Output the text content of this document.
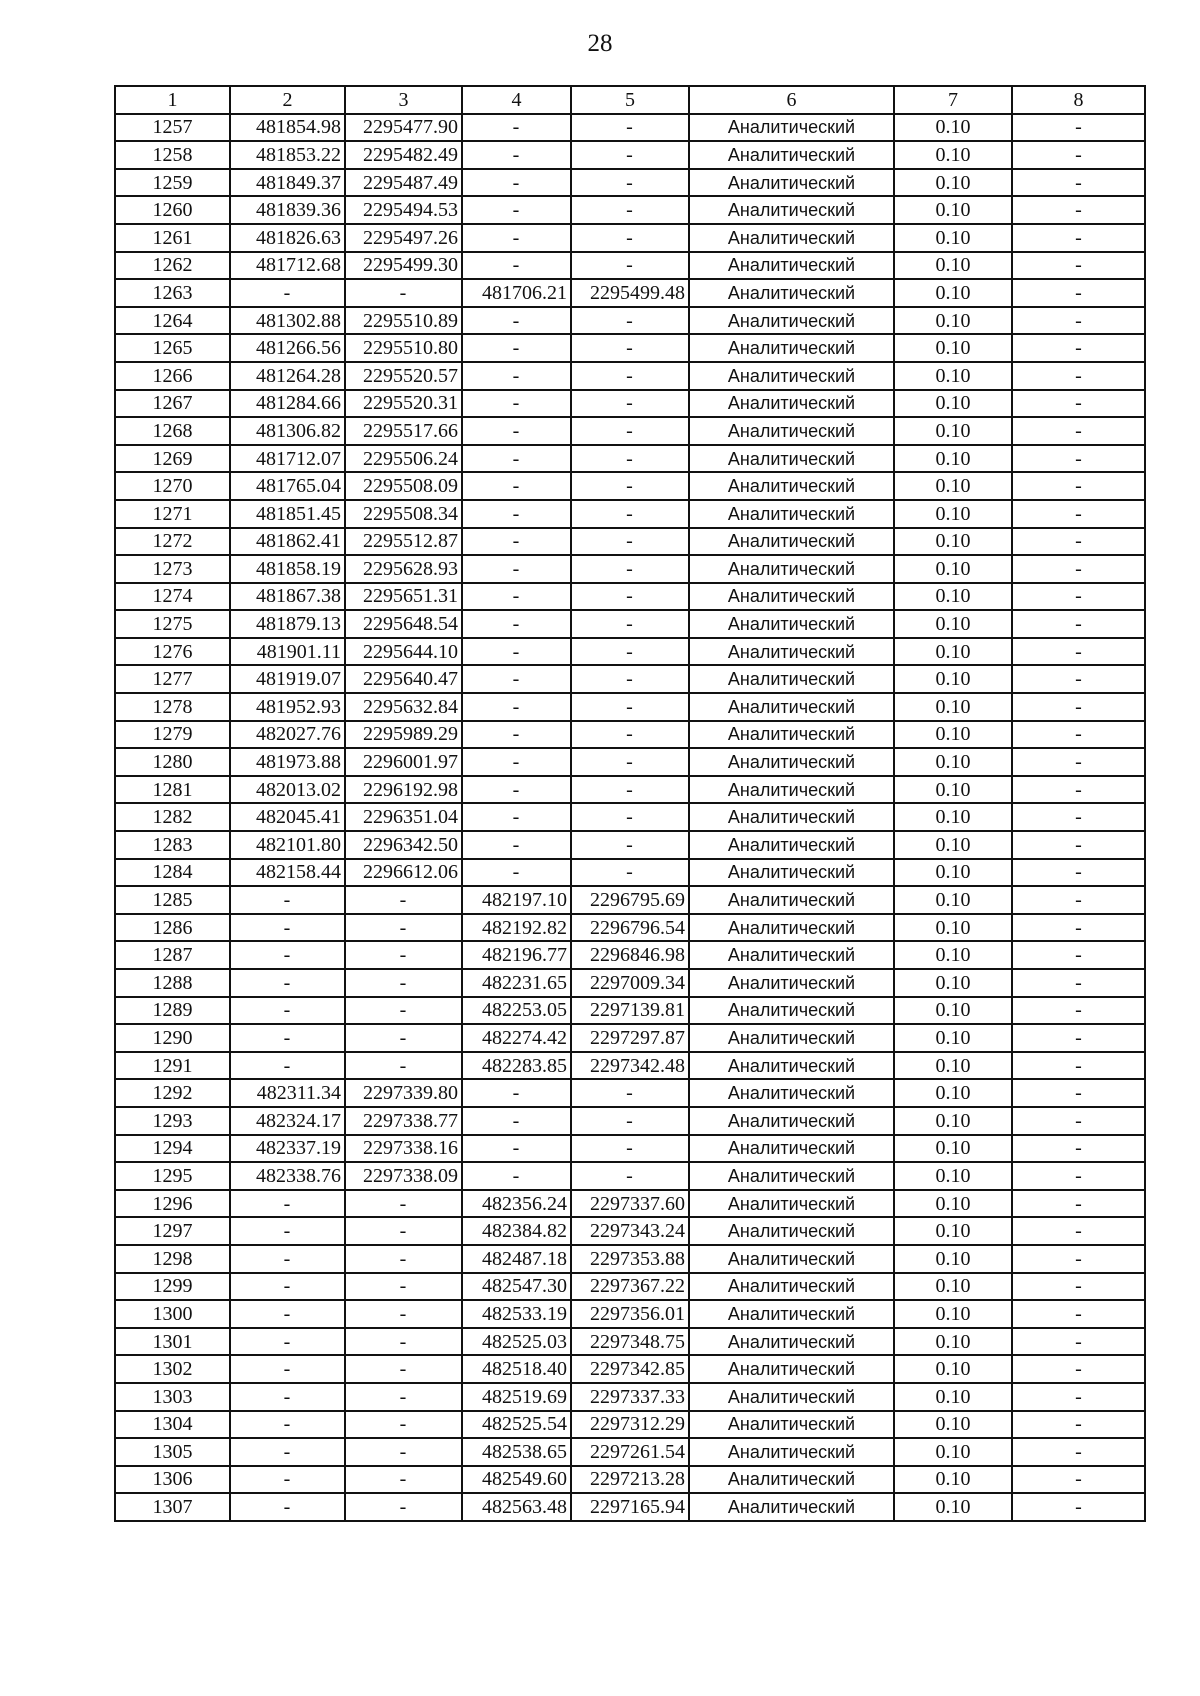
28
1	2	3	4	5	6	7	8
1257	481854.98	2295477.90	-	-	Аналитический	0.10	-
1258	481853.22	2295482.49	-	-	Аналитический	0.10	-
1259	481849.37	2295487.49	-	-	Аналитический	0.10	-
1260	481839.36	2295494.53	-	-	Аналитический	0.10	-
1261	481826.63	2295497.26	-	-	Аналитический	0.10	-
1262	481712.68	2295499.30	-	-	Аналитический	0.10	-
1263	-	-	481706.21	2295499.48	Аналитический	0.10	-
1264	481302.88	2295510.89	-	-	Аналитический	0.10	-
1265	481266.56	2295510.80	-	-	Аналитический	0.10	-
1266	481264.28	2295520.57	-	-	Аналитический	0.10	-
1267	481284.66	2295520.31	-	-	Аналитический	0.10	-
1268	481306.82	2295517.66	-	-	Аналитический	0.10	-
1269	481712.07	2295506.24	-	-	Аналитический	0.10	-
1270	481765.04	2295508.09	-	-	Аналитический	0.10	-
1271	481851.45	2295508.34	-	-	Аналитический	0.10	-
1272	481862.41	2295512.87	-	-	Аналитический	0.10	-
1273	481858.19	2295628.93	-	-	Аналитический	0.10	-
1274	481867.38	2295651.31	-	-	Аналитический	0.10	-
1275	481879.13	2295648.54	-	-	Аналитический	0.10	-
1276	481901.11	2295644.10	-	-	Аналитический	0.10	-
1277	481919.07	2295640.47	-	-	Аналитический	0.10	-
1278	481952.93	2295632.84	-	-	Аналитический	0.10	-
1279	482027.76	2295989.29	-	-	Аналитический	0.10	-
1280	481973.88	2296001.97	-	-	Аналитический	0.10	-
1281	482013.02	2296192.98	-	-	Аналитический	0.10	-
1282	482045.41	2296351.04	-	-	Аналитический	0.10	-
1283	482101.80	2296342.50	-	-	Аналитический	0.10	-
1284	482158.44	2296612.06	-	-	Аналитический	0.10	-
1285	-	-	482197.10	2296795.69	Аналитический	0.10	-
1286	-	-	482192.82	2296796.54	Аналитический	0.10	-
1287	-	-	482196.77	2296846.98	Аналитический	0.10	-
1288	-	-	482231.65	2297009.34	Аналитический	0.10	-
1289	-	-	482253.05	2297139.81	Аналитический	0.10	-
1290	-	-	482274.42	2297297.87	Аналитический	0.10	-
1291	-	-	482283.85	2297342.48	Аналитический	0.10	-
1292	482311.34	2297339.80	-	-	Аналитический	0.10	-
1293	482324.17	2297338.77	-	-	Аналитический	0.10	-
1294	482337.19	2297338.16	-	-	Аналитический	0.10	-
1295	482338.76	2297338.09	-	-	Аналитический	0.10	-
1296	-	-	482356.24	2297337.60	Аналитический	0.10	-
1297	-	-	482384.82	2297343.24	Аналитический	0.10	-
1298	-	-	482487.18	2297353.88	Аналитический	0.10	-
1299	-	-	482547.30	2297367.22	Аналитический	0.10	-
1300	-	-	482533.19	2297356.01	Аналитический	0.10	-
1301	-	-	482525.03	2297348.75	Аналитический	0.10	-
1302	-	-	482518.40	2297342.85	Аналитический	0.10	-
1303	-	-	482519.69	2297337.33	Аналитический	0.10	-
1304	-	-	482525.54	2297312.29	Аналитический	0.10	-
1305	-	-	482538.65	2297261.54	Аналитический	0.10	-
1306	-	-	482549.60	2297213.28	Аналитический	0.10	-
1307	-	-	482563.48	2297165.94	Аналитический	0.10	-
